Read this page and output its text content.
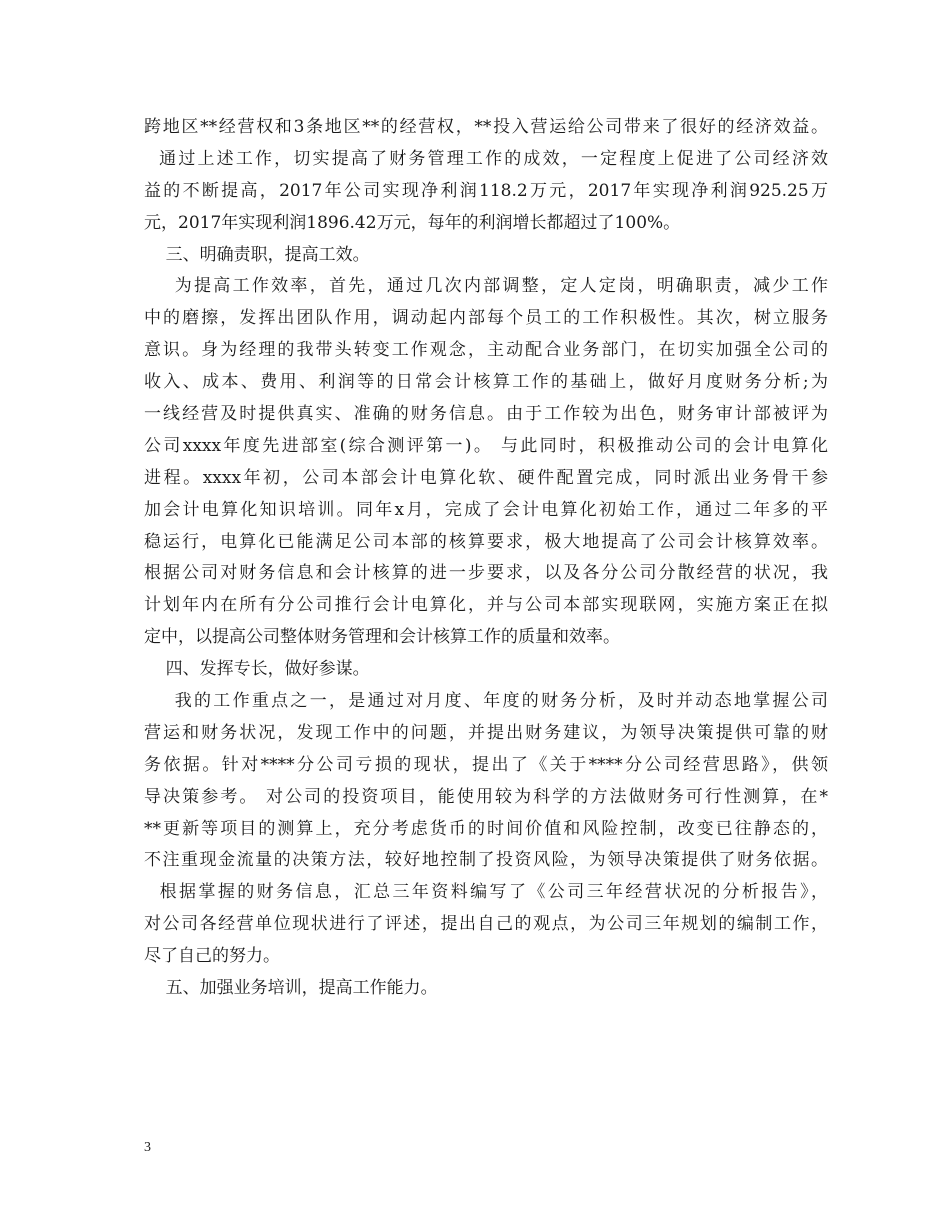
跨地区**经营权和3条地区**的经营权，**投入营运给公司带来了很好的经济效益。
通过上述工作，切实提高了财务管理工作的成效，一定程度上促进了公司经济效
益的不断提高，2017年公司实现净利润118.2万元，2017年实现净利润925.25万
元，2017年实现利润1896.42万元，每年的利润增长都超过了100%。
三、明确责职，提高工效。
为提高工作效率，首先，通过几次内部调整，定人定岗，明确职责，减少工作
中的磨擦，发挥出团队作用，调动起内部每个员工的工作积极性。其次，树立服务
意识。身为经理的我带头转变工作观念，主动配合业务部门，在切实加强全公司的
收入、成本、费用、利润等的日常会计核算工作的基础上，做好月度财务分析;为
一线经营及时提供真实、准确的财务信息。由于工作较为出色，财务审计部被评为
公司xxxx年度先进部室(综合测评第一)。 与此同时，积极推动公司的会计电算化
进程。xxxx年初，公司本部会计电算化软、硬件配置完成，同时派出业务骨干参
加会计电算化知识培训。同年x月，完成了会计电算化初始工作，通过二年多的平
稳运行，电算化已能满足公司本部的核算要求，极大地提高了公司会计核算效率。
根据公司对财务信息和会计核算的进一步要求，以及各分公司分散经营的状况，我
计划年内在所有分公司推行会计电算化，并与公司本部实现联网，实施方案正在拟
定中，以提高公司整体财务管理和会计核算工作的质量和效率。
四、发挥专长，做好参谋。
我的工作重点之一，是通过对月度、年度的财务分析，及时并动态地掌握公司
营运和财务状况，发现工作中的问题，并提出财务建议，为领导决策提供可靠的财
务依据。针对****分公司亏损的现状，提出了《关于****分公司经营思路》，供领
导决策参考。 对公司的投资项目，能使用较为科学的方法做财务可行性测算，在*
**更新等项目的测算上，充分考虑货币的时间价值和风险控制，改变已往静态的，
不注重现金流量的决策方法，较好地控制了投资风险，为领导决策提供了财务依据。
根据掌握的财务信息，汇总三年资料编写了《公司三年经营状况的分析报告》，
对公司各经营单位现状进行了评述，提出自己的观点，为公司三年规划的编制工作，
尽了自己的努力。
五、加强业务培训，提高工作能力。
3
